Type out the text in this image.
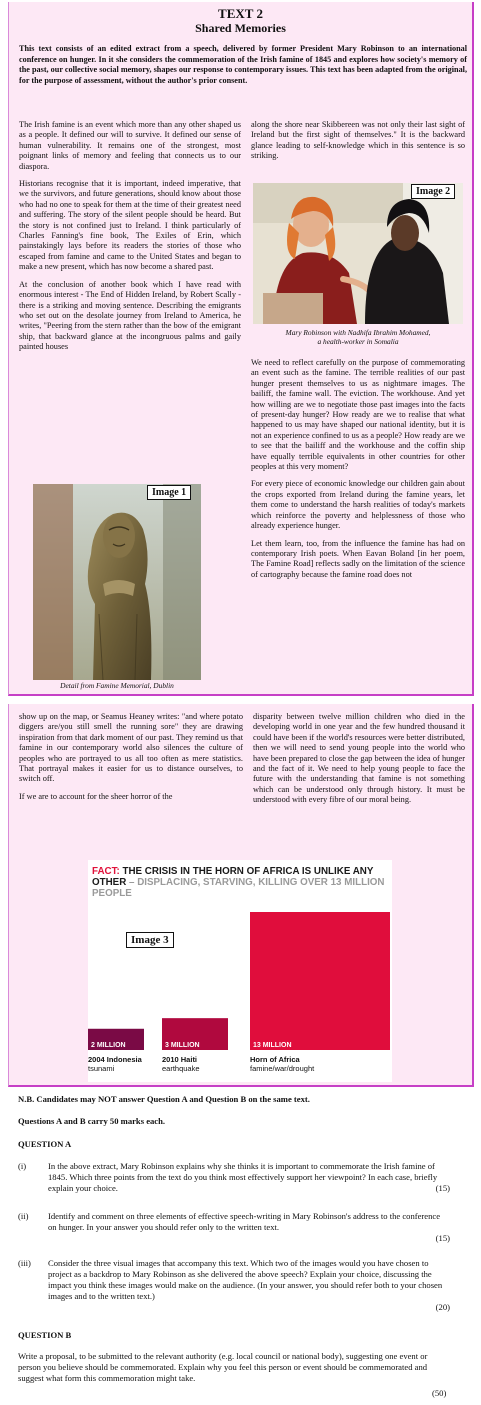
TEXT 2
Shared Memories
This text consists of an edited extract from a speech, delivered by former President Mary Robinson to an international conference on hunger. In it she considers the commemoration of the Irish famine of 1845 and explores how society's memory of the past, our collective social memory, shapes our response to contemporary issues. This text has been adapted from the original, for the purpose of assessment, without the author's prior consent.

The Irish famine is an event which more than any other shaped us as a people. It defined our will to survive. It defined our sense of human vulnerability. It remains one of the strongest, most poignant links of memory and feeling that connects us to our diaspora.

Historians recognise that it is important, indeed imperative, that we the survivors, and future generations, should know about those who had no one to speak for them at the time of their greatest need and suffering. The story of the silent people should be heard. But the story is not confined just to Ireland. I think particularly of Charles Fanning's fine book, The Exiles of Erin, which painstakingly lays before its readers the stories of those who escaped from famine and came to the United States and began to make a new present, which has now become a shared past.

At the conclusion of another book which I have read with enormous interest - The End of Hidden Ireland, by Robert Scally - there is a striking and moving sentence. Describing the emigrants who set out on the desolate journey from Ireland to America, he writes, "Peering from the stern rather than the bow of the emigrant ship, that backward glance at the incongruous palms and gaily painted houses

Image 1
Detail from Famine Memorial, Dublin

along the shore near Skibbereen was not only their last sight of Ireland but the first sight of themselves." It is the backward glance leading to self-knowledge which in this sentence is so striking.

Image 2
Mary Robinson with Nadhifa Ibrahim Mohamed,
a health-worker in Somalia

We need to reflect carefully on the purpose of commemorating an event such as the famine. The terrible realities of our past hunger present themselves to us as nightmare images. The bailiff, the famine wall. The eviction. The workhouse. And yet how willing are we to negotiate those past images into the facts of present-day hunger? How ready are we to realise that what happened to us may have shaped our national identity, but it is not an experience confined to us as a people? How ready are we to see that the bailiff and the workhouse and the coffin ship have equally terrible equivalents in other countries for other peoples at this very moment?

For every piece of economic knowledge our children gain about the crops exported from Ireland during the famine years, let them come to understand the harsh realities of today's markets which reinforce the poverty and helplessness of those who already experience hunger.

Let them learn, too, from the influence the famine has had on contemporary Irish poets. When Eavan Boland [in her poem, The Famine Road] reflects sadly on the limitation of the science of cartography because the famine road does not

show up on the map, or Seamus Heaney writes: "and where potato diggers are/you still smell the running sore" they are drawing inspiration from that dark moment of our past. They remind us that famine in our contemporary world also silences the culture of peoples who are portrayed to us all too often as mere statistics. That portrayal makes it easier for us to distance ourselves, to switch off.

If we are to account for the sheer horror of the

disparity between twelve million children who died in the developing world in one year and the few hundred thousand it could have been if the world's resources were better distributed, then we will need to send young people into the world who have been prepared to close the gap between the idea of hunger and the fact of it. We need to help young people to face the future with the understanding that famine is not something which can be understood only through history. It must be understood with every fibre of our moral being.

FACT: THE CRISIS IN THE HORN OF AFRICA IS UNLIKE ANY OTHER – DISPLACING, STARVING, KILLING OVER 13 MILLION PEOPLE
2 MILLION
2004 Indonesia
tsunami
3 MILLION
2010 Haiti
earthquake
13 MILLION
Horn of Africa
famine/war/drought
Image 3
N.B. Candidates may NOT answer Question A and Question B on the same text.
Questions A and B carry 50 marks each.
QUESTION A
(i)	In the above extract, Mary Robinson explains why she thinks it is important to commemorate the Irish famine of 1845. Which three points from the text do you think most effectively support her viewpoint? In each case, briefly explain your choice.	(15)
(ii) Identify and comment on three elements of effective speech-writing in Mary Robinson's address to the conference on hunger. In your answer you should refer only to the written text.
(15)
(iii) Consider the three visual images that accompany this text. Which two of the images would you have chosen to project as a backdrop to Mary Robinson as she delivered the above speech? Explain your choice, discussing the impact you think these images would make on the audience. (In your answer, you should refer both to your chosen images and to the written text.)
(20)
QUESTION B
Write a proposal, to be submitted to the relevant authority (e.g. local council or national body), suggesting one event or person you believe should be commemorated. Explain why you feel this person or event should be commemorated and suggest what form this commemoration might take.
(50)
